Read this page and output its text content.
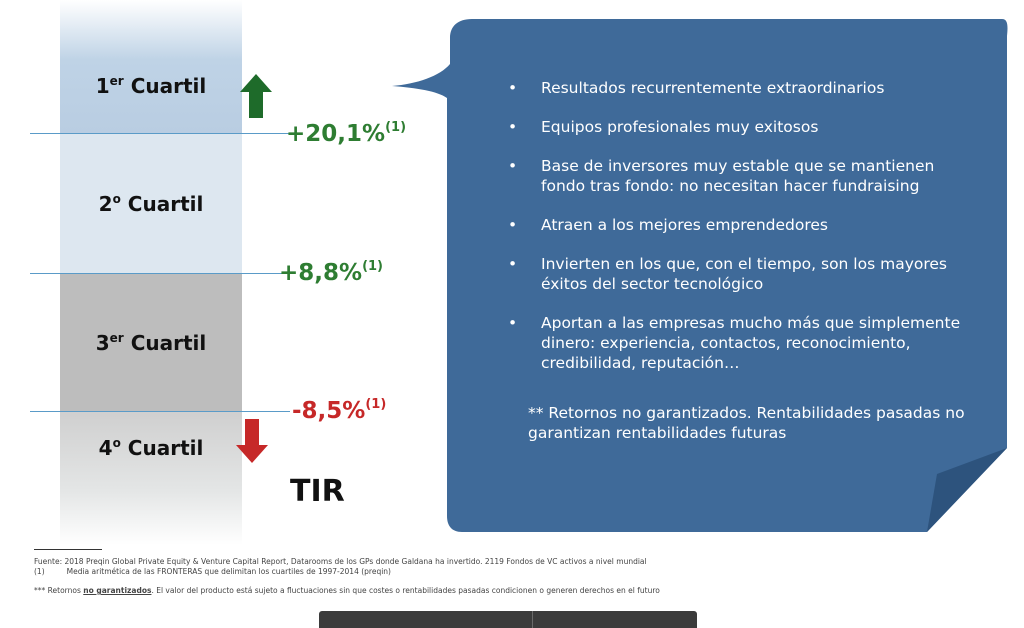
1er Cuartil
2$^o$ Cuartil
3er Cuartil
4$^o$ Cuartil
+20,1%$^{(1)}$
+8,8%$^{(1)}$
-8,5%$^{(1)}$
TIR
• Resultados recurrentemente extraordinarios
• Equipos profesionales muy exitosos
• Base de inversores muy estable que se mantienen fondo tras fondo: no necesitan hacer fundraising
• Atraen a los mejores emprendedores
• Invierten en los que, con el tiempo, son los mayores éxitos del sector tecnológico
• Aportan a las empresas mucho más que simplemente dinero: experiencia, contactos, reconocimiento, credibilidad, reputación…
** Retornos no garantizados. Rentabilidades pasadas no garantizan rentabilidades futuras
Fuente: 2018 Preqin Global Private Equity & Venture Capital Report, Datarooms de los GPs donde Galdana ha invertido. 2119 Fondos de VC activos a nivel mundial
(1)	Media aritmética de las FRONTERAS que delimitan los cuartiles de 1997-2014 (preqin)
*** Retornos no garantizados. El valor del producto está sujeto a fluctuaciones sin que costes o rentabilidades pasadas condicionen o generen derechos en el futuro
